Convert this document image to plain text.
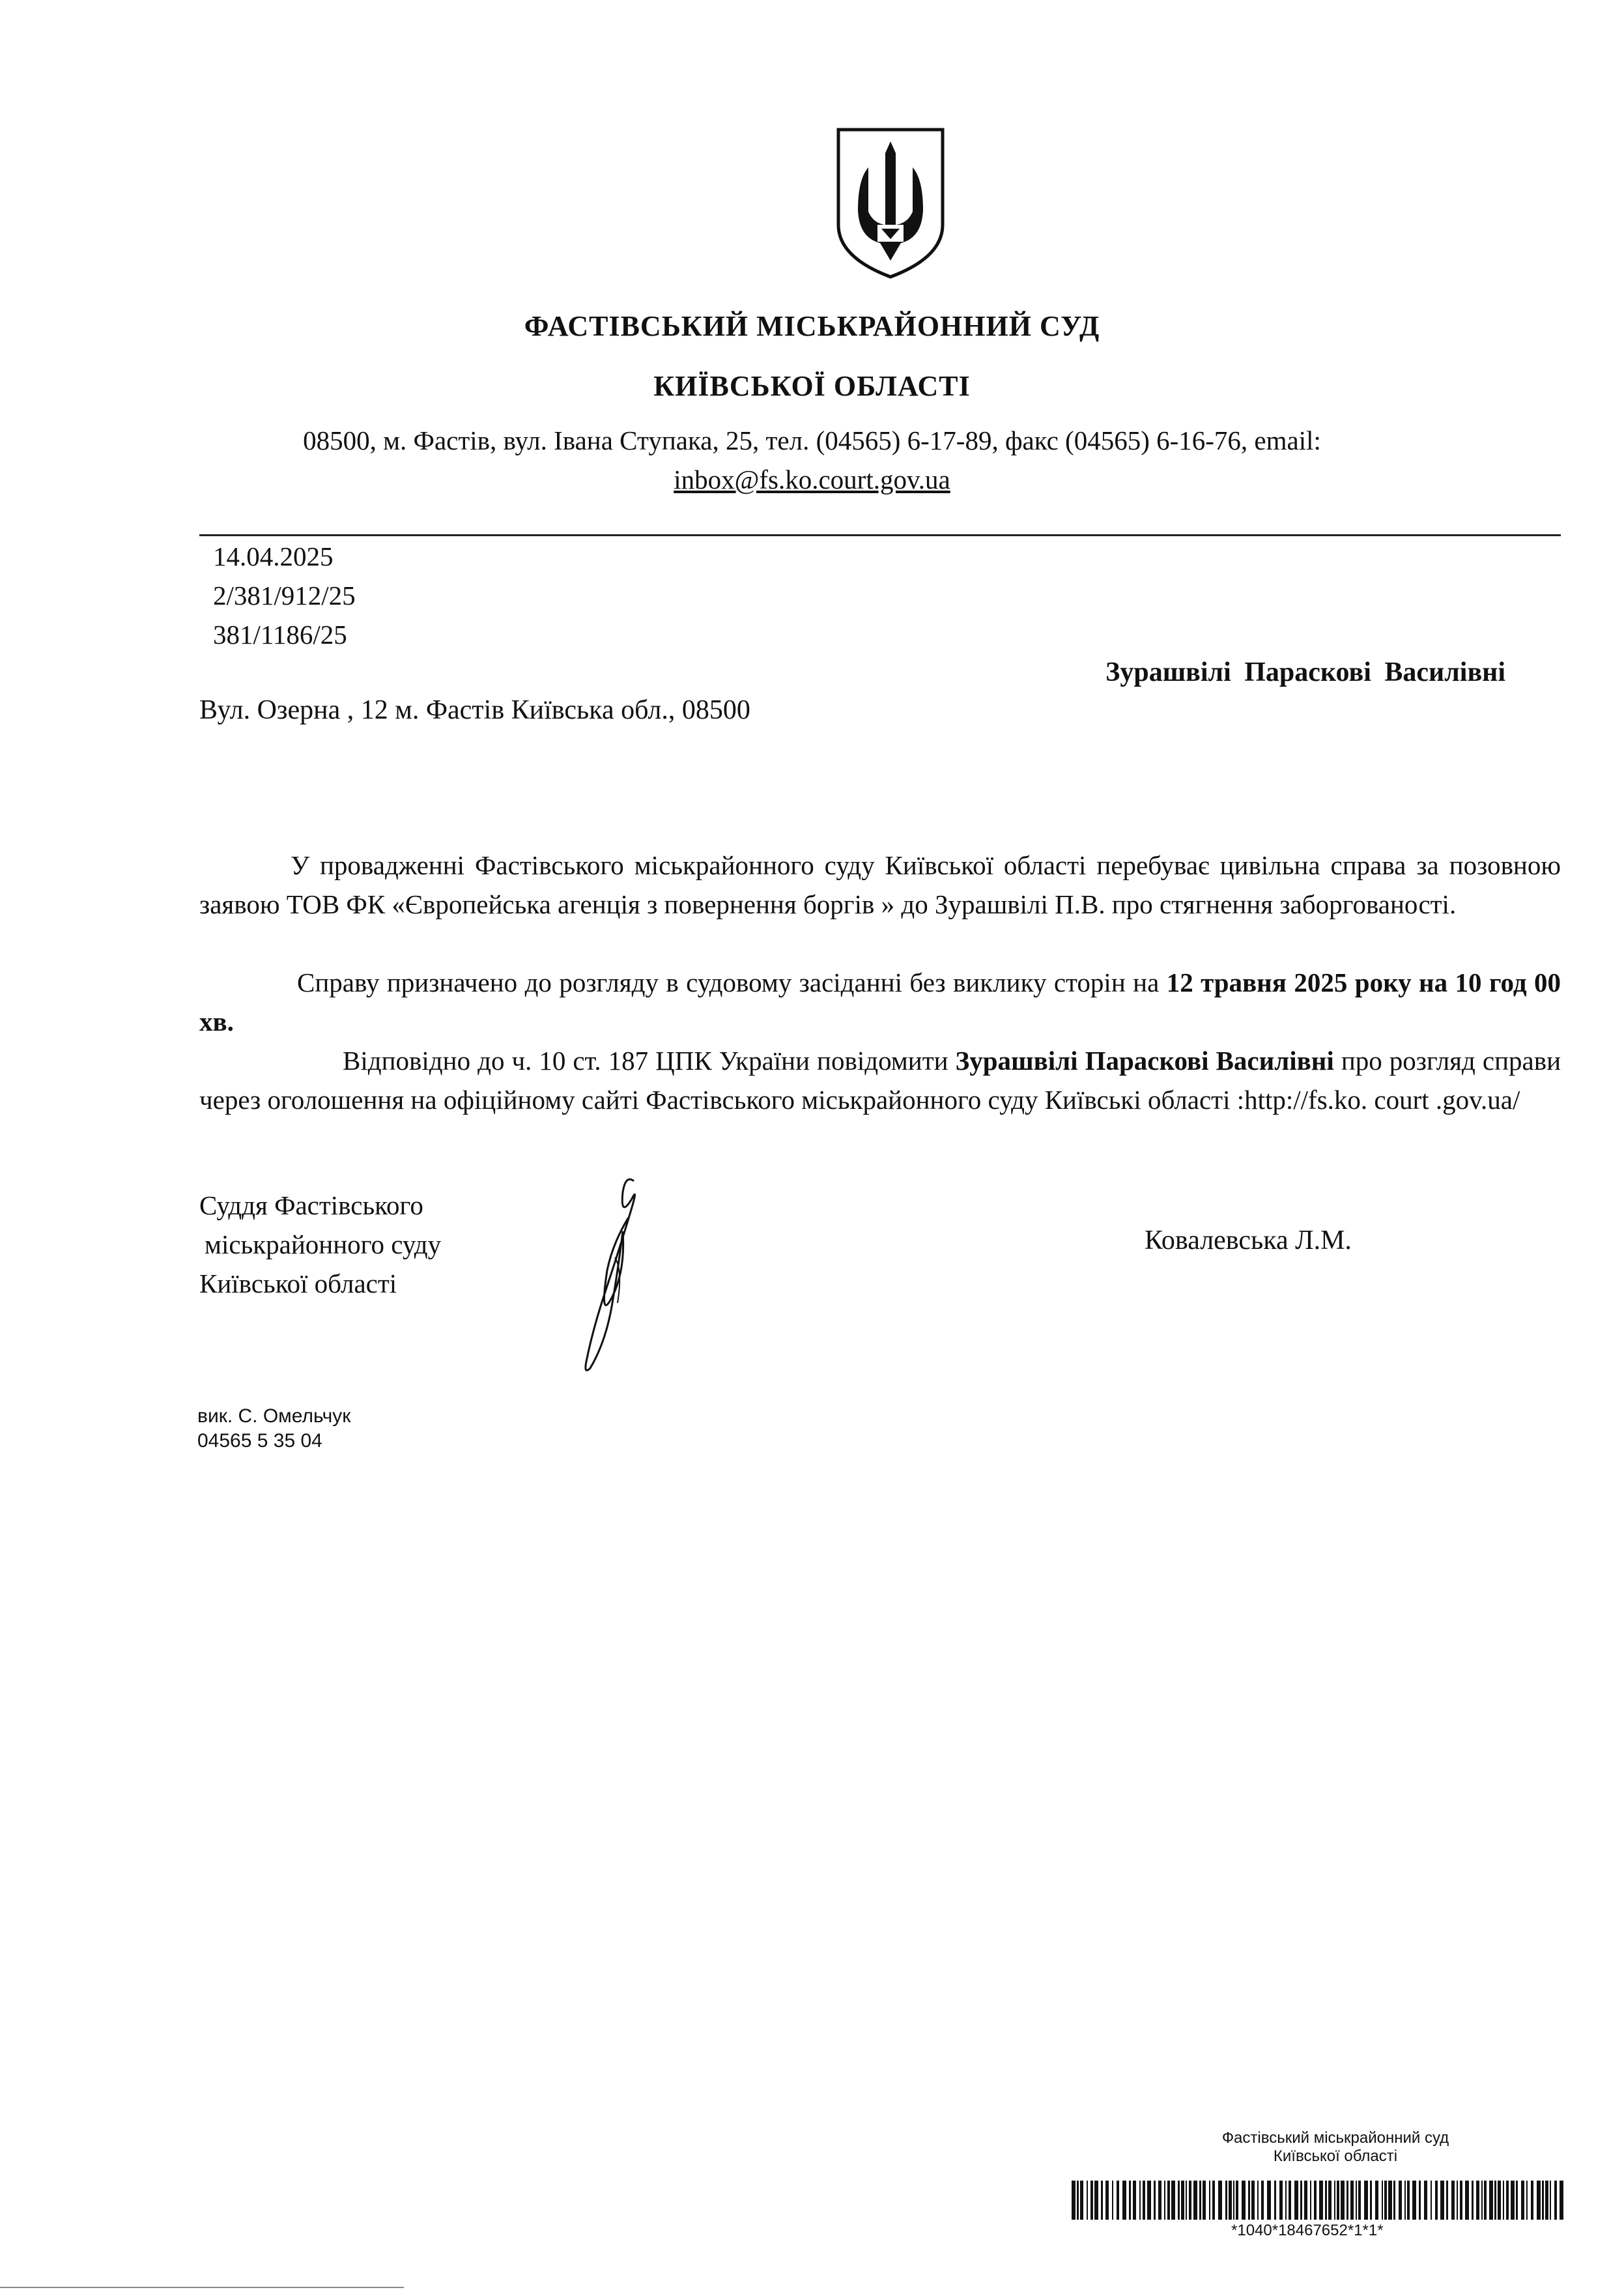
ФАСТІВСЬКИЙ МІСЬКРАЙОННИЙ СУД
КИЇВСЬКОЇ ОБЛАСТІ
08500, м. Фастів, вул. Івана Ступака, 25, тел. (04565) 6-17-89, факс (04565) 6-16-76, email:
inbox@fs.ko.court.gov.ua
14.04.2025
2/381/912/25
381/1186/25
Зурашвілі Параскові Василівні
Вул. Озерна , 12 м. Фастів Київська обл., 08500
У провадженні Фастівського міськрайонного суду Київської області перебуває цивільна справа за позовною заявою ТОВ ФК «Європейська агенція з повернення боргів » до Зурашвілі П.В. про стягнення заборгованості.
Справу призначено до розгляду в судовому засіданні без виклику сторін на 12 травня 2025 року на 10 год 00 хв.
Відповідно до ч. 10 ст. 187 ЦПК України повідомити Зурашвілі Параскові Василівні про розгляд справи через оголошення на офіційному сайті Фастівського міськрайонного суду Київські області :http://fs.ko. court .gov.ua/
Суддя Фастівського
міськрайонного суду
Київської області
Ковалевська Л.М.
вик. С. Омельчук
04565 5 35 04
Фастівський міськрайонний суд
Київської області
*1040*18467652*1*1*
